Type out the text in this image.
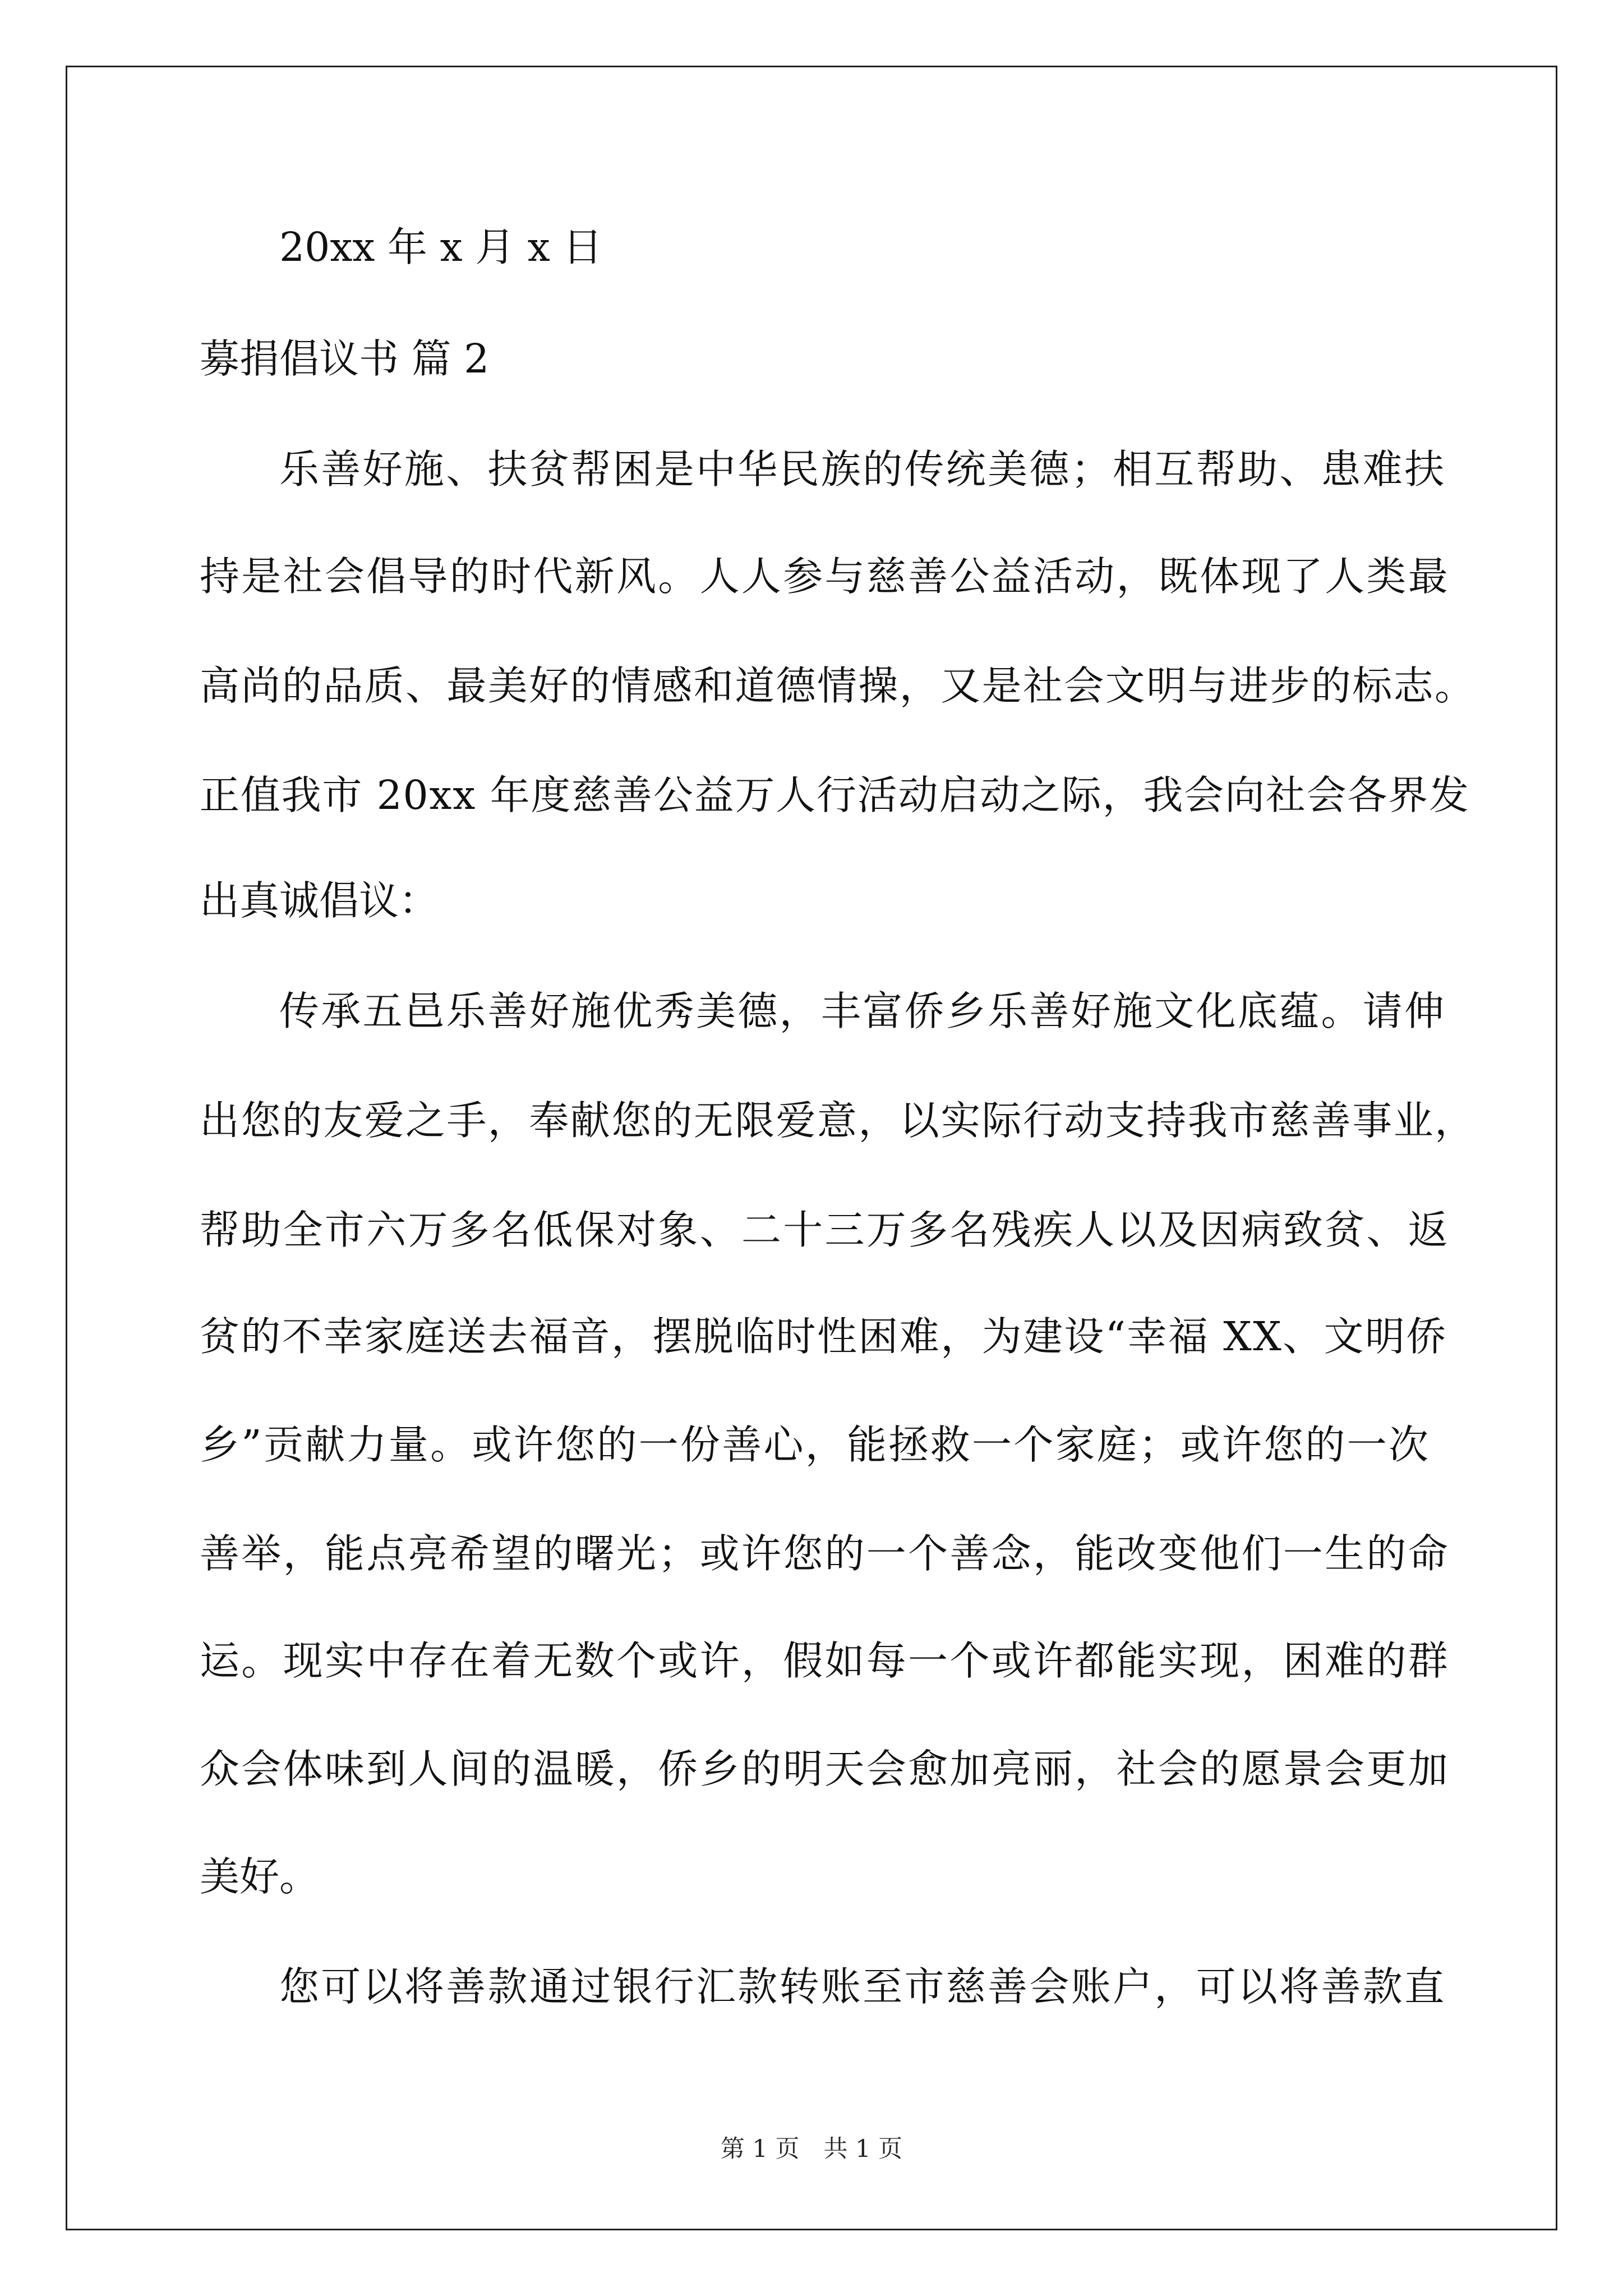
20xx 年 x 月 x 日
募捐倡议书 篇 2
乐善好施、扶贫帮困是中华民族的传统美德；相互帮助、患难扶
持是社会倡导的时代新风。人人参与慈善公益活动，既体现了人类最
高尚的品质、最美好的情感和道德情操，又是社会文明与进步的标志。
正值我市 20xx 年度慈善公益万人行活动启动之际，我会向社会各界发
出真诚倡议：
传承五邑乐善好施优秀美德，丰富侨乡乐善好施文化底蕴。请伸
出您的友爱之手，奉献您的无限爱意，以实际行动支持我市慈善事业，
帮助全市六万多名低保对象、二十三万多名残疾人以及因病致贫、返
贫的不幸家庭送去福音，摆脱临时性困难，为建设“幸福 XX、文明侨
乡”贡献力量。或许您的一份善心，能拯救一个家庭；或许您的一次
善举，能点亮希望的曙光；或许您的一个善念，能改变他们一生的命
运。现实中存在着无数个或许，假如每一个或许都能实现，困难的群
众会体味到人间的温暖，侨乡的明天会愈加亮丽，社会的愿景会更加
美好。
您可以将善款通过银行汇款转账至市慈善会账户，可以将善款直
第 1 页　共 1 页
